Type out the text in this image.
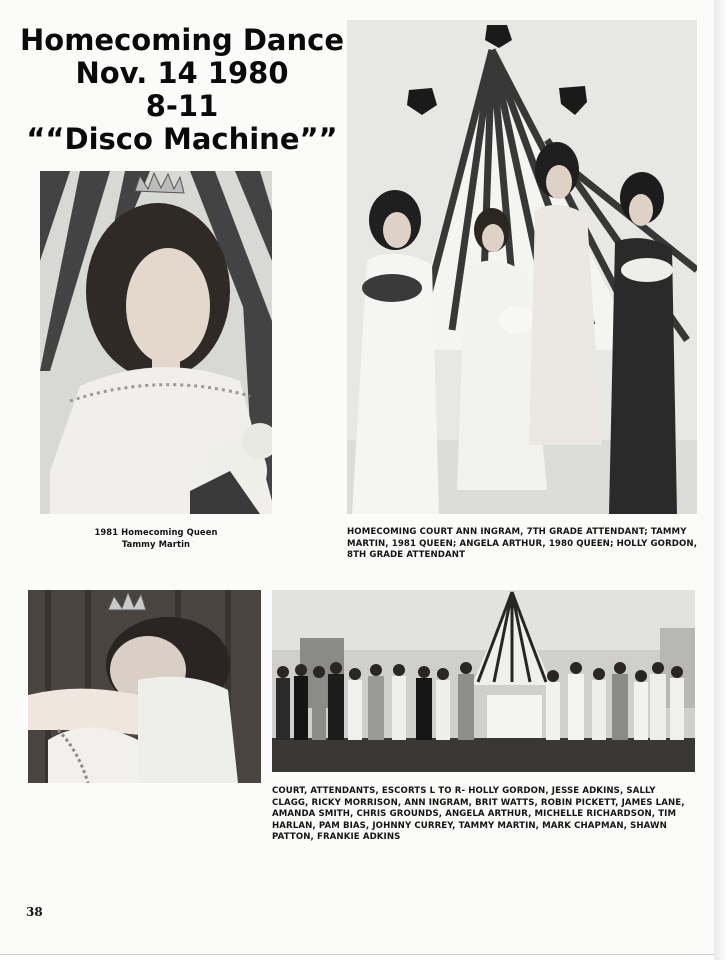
Homecoming Dance
Nov. 14 1980
8-11
““Disco Machine””
1981 Homecoming Queen
Tammy Martin
HOMECOMING COURT ANN INGRAM, 7TH GRADE ATTENDANT; TAMMY MARTIN, 1981 QUEEN; ANGELA ARTHUR, 1980 QUEEN; HOLLY GORDON, 8TH GRADE ATTENDANT
COURT, ATTENDANTS, ESCORTS L TO R- HOLLY GORDON, JESSE ADKINS, SALLY CLAGG, RICKY MORRISON, ANN INGRAM, BRIT WATTS, ROBIN PICKETT, JAMES LANE, AMANDA SMITH, CHRIS GROUNDS, ANGELA ARTHUR, MICHELLE RICHARDSON, TIM HARLAN, PAM BIAS, JOHNNY CURREY, TAMMY MARTIN, MARK CHAPMAN, SHAWN PATTON, FRANKIE ADKINS
38
